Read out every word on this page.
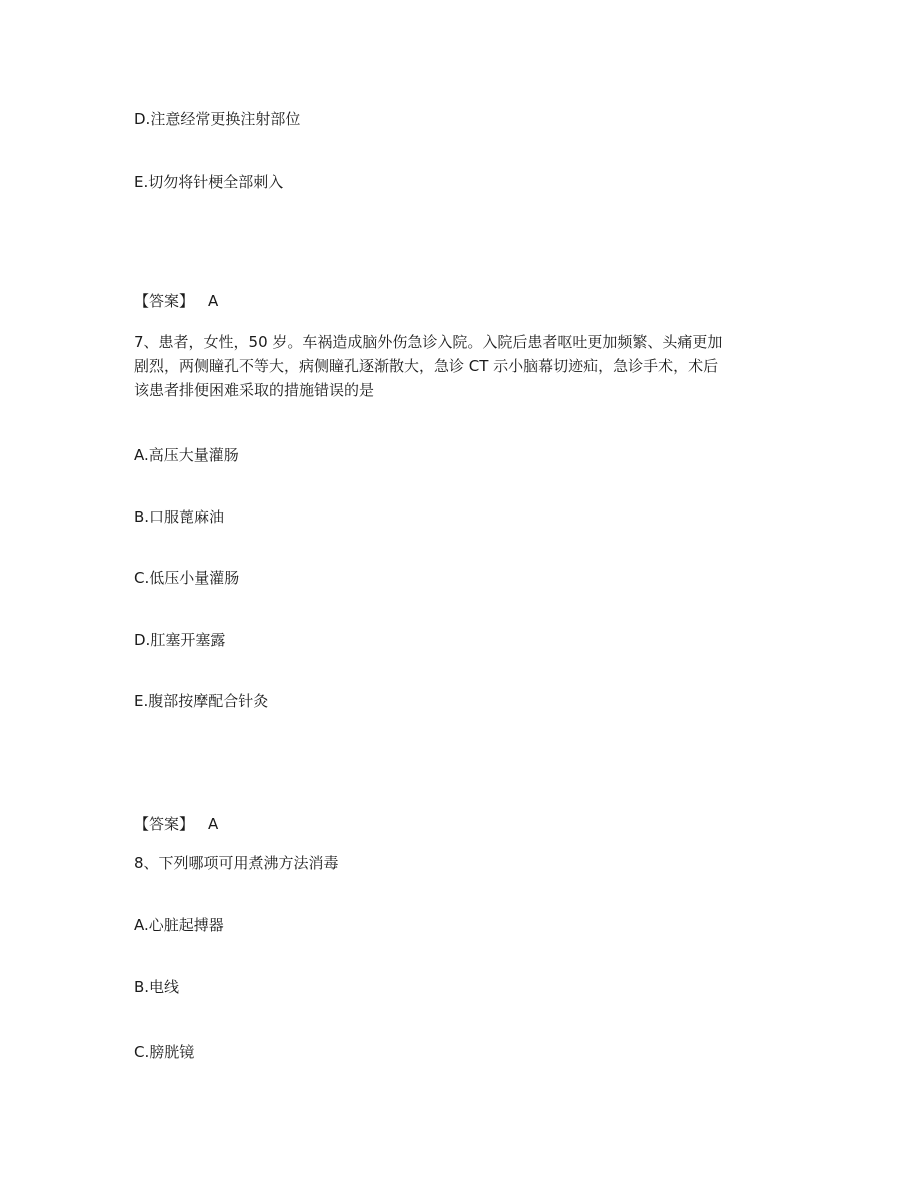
D.注意经常更换注射部位

E.切勿将针梗全部刺入

【答案】 A
7、患者，女性，50 岁。车祸造成脑外伤急诊入院。入院后患者呕吐更加频繁、头痛更加
剧烈，两侧瞳孔不等大，病侧瞳孔逐渐散大，急诊 CT 示小脑幕切迹疝，急诊手术，术后
该患者排便困难采取的措施错误的是

A.高压大量灌肠

B.口服蓖麻油

C.低压小量灌肠

D.肛塞开塞露

E.腹部按摩配合针灸

【答案】 A

8、下列哪项可用煮沸方法消毒

A.心脏起搏器

B.电线

C.膀胱镜
